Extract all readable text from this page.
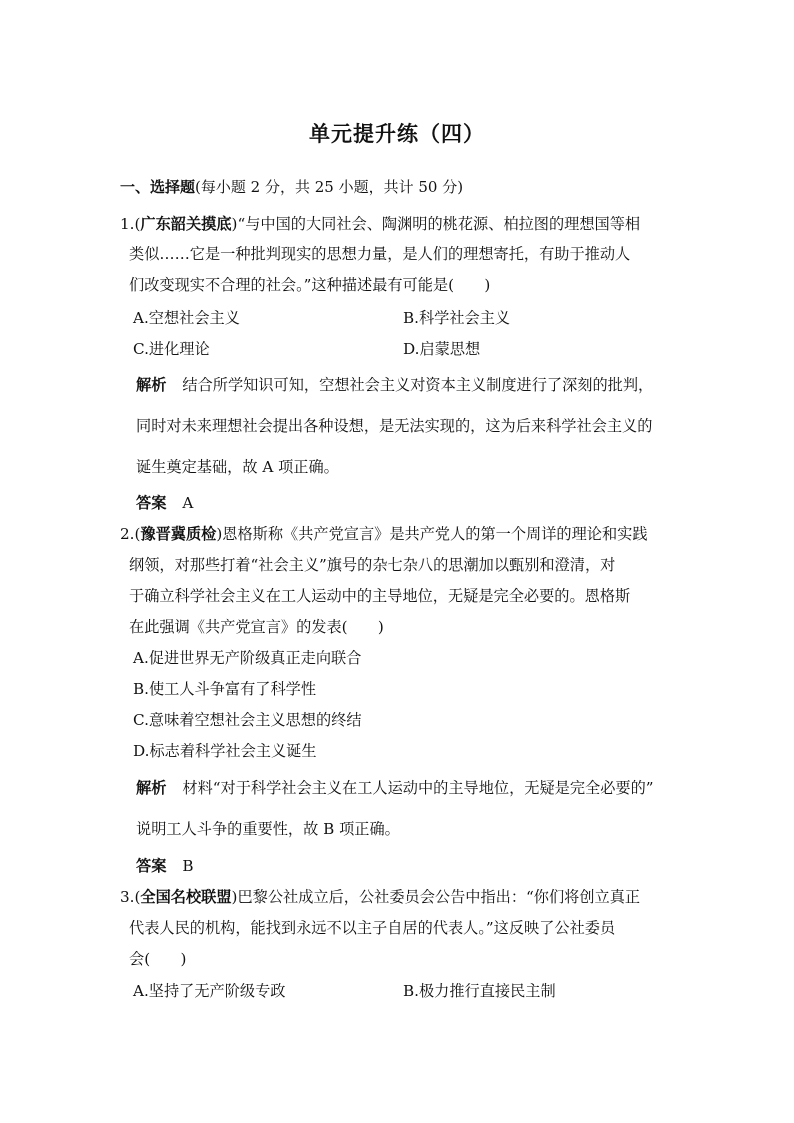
单元提升练（四）
一、选择题(每小题 2 分，共 25 小题，共计 50 分)
1.(广东韶关摸底)“与中国的大同社会、陶渊明的桃花源、柏拉图的理想国等相
类似……它是一种批判现实的思想力量，是人们的理想寄托，有助于推动人
们改变现实不合理的社会。”这种描述最有可能是(　　)
A.空想社会主义	B.科学社会主义
C.进化理论	D.启蒙思想
解析 结合所学知识可知，空想社会主义对资本主义制度进行了深刻的批判，
同时对未来理想社会提出各种设想，是无法实现的，这为后来科学社会主义的
诞生奠定基础，故 A 项正确。
答案 A
2.(豫晋冀质检)恩格斯称《共产党宣言》是共产党人的第一个周详的理论和实践
纲领，对那些打着“社会主义”旗号的杂七杂八的思潮加以甄别和澄清，对
于确立科学社会主义在工人运动中的主导地位，无疑是完全必要的。恩格斯
在此强调《共产党宣言》的发表(　　)
A.促进世界无产阶级真正走向联合
B.使工人斗争富有了科学性
C.意味着空想社会主义思想的终结
D.标志着科学社会主义诞生
解析 材料“对于科学社会主义在工人运动中的主导地位，无疑是完全必要的”
说明工人斗争的重要性，故 B 项正确。
答案 B
3.(全国名校联盟)巴黎公社成立后，公社委员会公告中指出：“你们将创立真正
代表人民的机构，能找到永远不以主子自居的代表人。”这反映了公社委员
会(　　)
A.坚持了无产阶级专政	B.极力推行直接民主制
